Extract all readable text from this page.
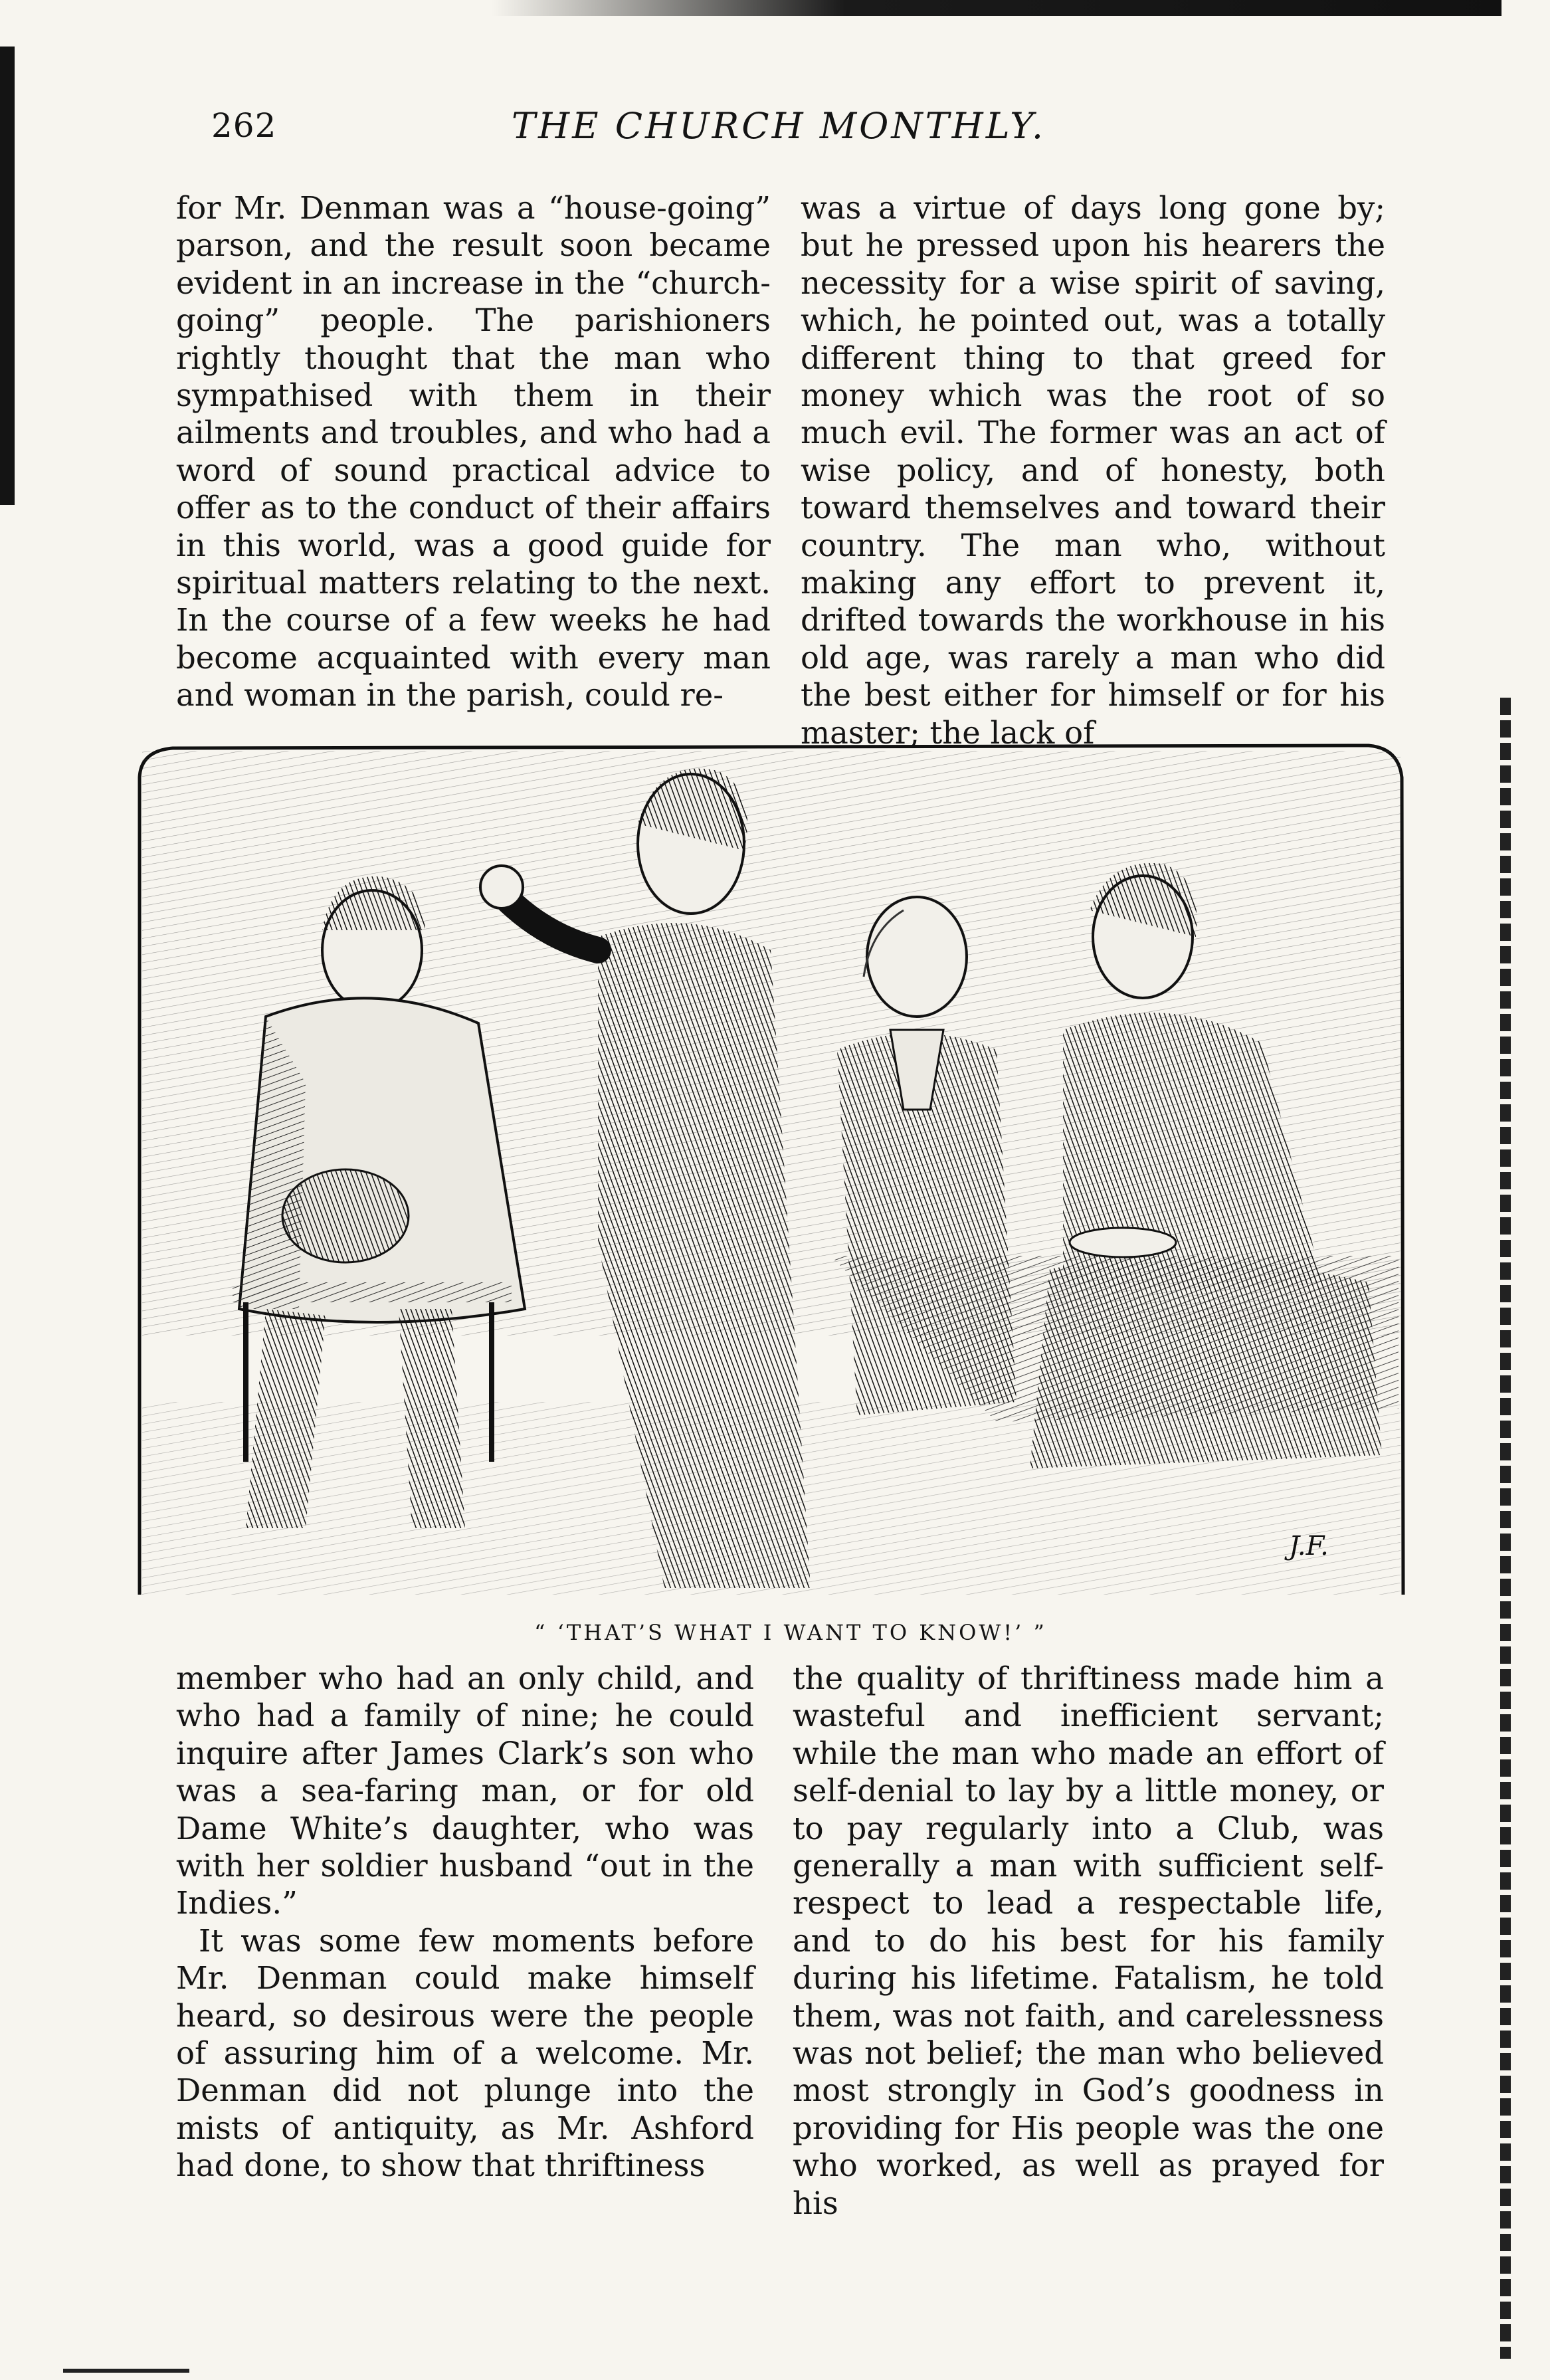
262	THE CHURCH MONTHLY.

for Mr. Denman was a “house-going” parson, and the result soon became evident in an increase in the “church-going” people. The parishioners rightly thought that the man who sympathised with them in their ailments and troubles, and who had a word of sound practical advice to offer as to the conduct of their affairs in this world, was a good guide for spiritual matters relating to the next. In the course of a few weeks he had become acquainted with every man and woman in the parish, could re-

was a virtue of days long gone by; but he pressed upon his hearers the necessity for a wise spirit of saving, which, he pointed out, was a totally different thing to that greed for money which was the root of so much evil. The former was an act of wise policy, and of honesty, both toward themselves and toward their country. The man who, without making any effort to prevent it, drifted towards the workhouse in his old age, was rarely a man who did the best either for himself or for his master; the lack of

J.F.
“ ‘THAT’S WHAT I WANT TO KNOW!’ ”

member who had an only child, and who had a family of nine; he could inquire after James Clark’s son who was a sea-faring man, or for old Dame White’s daughter, who was with her soldier husband “out in the Indies.”

It was some few moments before Mr. Denman could make himself heard, so desirous were the people of assuring him of a welcome. Mr. Denman did not plunge into the mists of antiquity, as Mr. Ashford had done, to show that thriftiness

the quality of thriftiness made him a wasteful and inefficient servant; while the man who made an effort of self-denial to lay by a little money, or to pay regularly into a Club, was generally a man with sufficient self-respect to lead a respectable life, and to do his best for his family during his lifetime. Fatalism, he told them, was not faith, and carelessness was not belief; the man who believed most strongly in God’s goodness in providing for His people was the one who worked, as well as prayed for his
